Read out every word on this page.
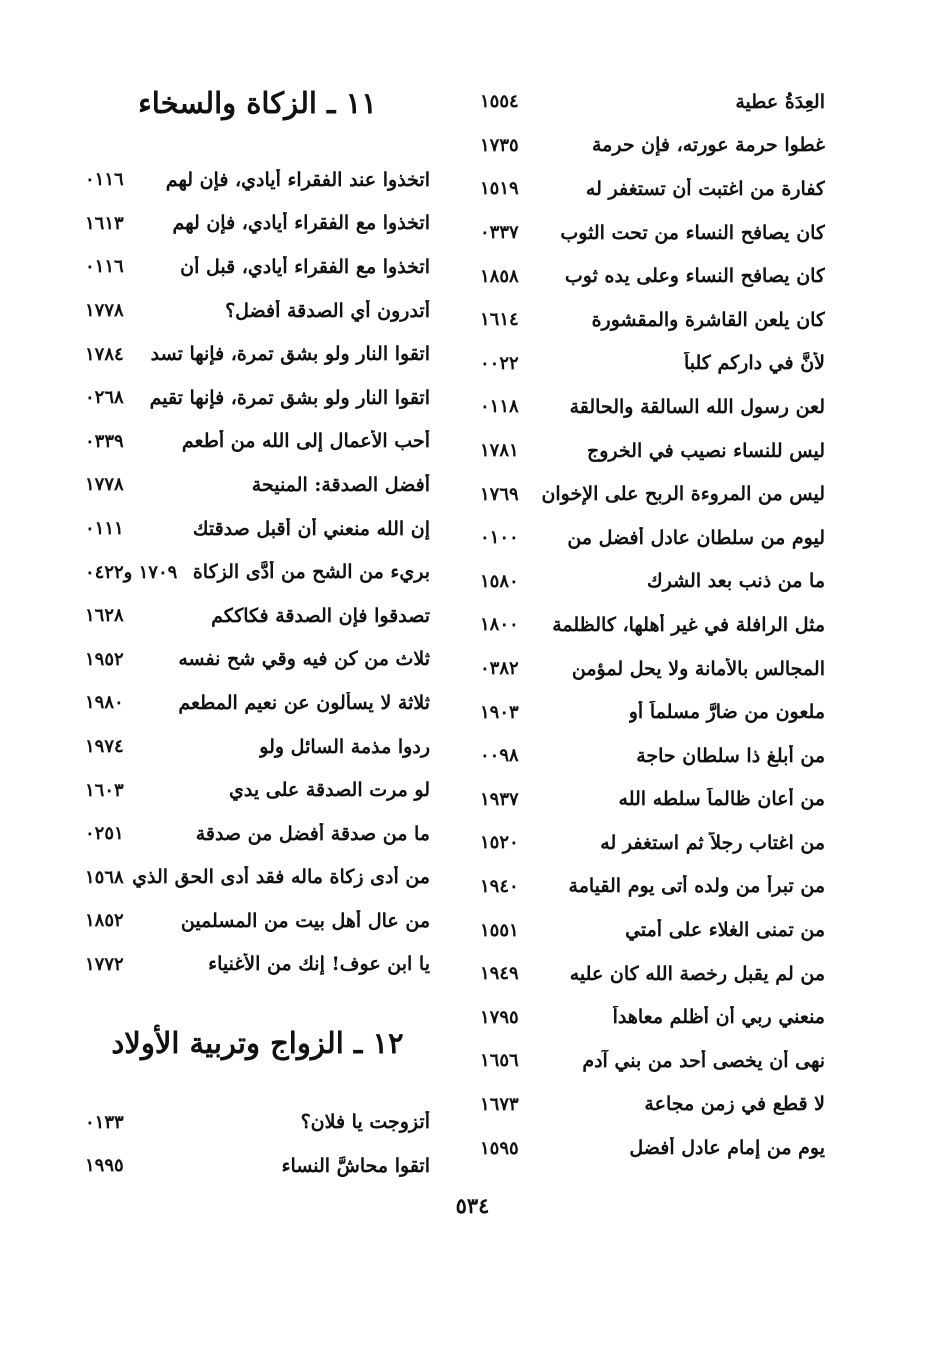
العِدَةُ عطية
١٥٥٤
غطوا حرمة عورته، فإن حرمة
١٧٣٥
كفارة من اغتبت أن تستغفر له
١٥١٩
كان يصافح النساء من تحت الثوب
٠٣٣٧
كان يصافح النساء وعلى يده ثوب
١٨٥٨
كان يلعن القاشرة والمقشورة
١٦١٤
لأنَّ في داركم كلباً
٠٠٢٢
لعن رسول الله السالقة والحالقة
٠١١٨
ليس للنساء نصيب في الخروج
١٧٨١
ليس من المروءة الربح على الإخوان
١٧٦٩
ليوم من سلطان عادل أفضل من
٠١٠٠
ما من ذنب بعد الشرك
١٥٨٠
مثل الرافلة في غير أهلها، كالظلمة
١٨٠٠
المجالس بالأمانة ولا يحل لمؤمن
٠٣٨٢
ملعون من ضارَّ مسلماً أو
١٩٠٣
من أبلغ ذا سلطان حاجة
٠٠٩٨
من أعان ظالماً سلطه الله
١٩٣٧
من اغتاب رجلاً ثم استغفر له
١٥٢٠
من تبرأ من ولده أتى يوم القيامة
١٩٤٠
من تمنى الغلاء على أمتي
١٥٥١
من لم يقبل رخصة الله كان عليه
١٩٤٩
منعني ربي أن أظلم معاهداً
١٧٩٥
نهى أن يخصى أحد من بني آدم
١٦٥٦
لا قطع في زمن مجاعة
١٦٧٣
يوم من إمام عادل أفضل
١٥٩٥
١١ ـ الزكاة والسخاء
اتخذوا عند الفقراء أيادي، فإن لهم
٠١١٦
اتخذوا مع الفقراء أيادي، فإن لهم
١٦١٣
اتخذوا مع الفقراء أيادي، قبل أن
٠١١٦
أتدرون أي الصدقة أفضل؟
١٧٧٨
اتقوا النار ولو بشق تمرة، فإنها تسد
١٧٨٤
اتقوا النار ولو بشق تمرة، فإنها تقيم
٠٢٦٨
أحب الأعمال إلى الله من أطعم
٠٣٣٩
أفضل الصدقة: المنيحة
١٧٧٨
إن الله منعني أن أقبل صدقتك
٠١١١
بريء من الشح من أدَّى الزكاة
١٧٠٩ و٠٤٢٢
تصدقوا فإن الصدقة فكاككم
١٦٢٨
ثلاث من كن فيه وقي شح نفسه
١٩٥٢
ثلاثة لا يسألون عن نعيم المطعم
١٩٨٠
ردوا مذمة السائل ولو
١٩٧٤
لو مرت الصدقة على يدي
١٦٠٣
ما من صدقة أفضل من صدقة
٠٢٥١
من أدى زكاة ماله فقد أدى الحق الذي
١٥٦٨
من عال أهل بيت من المسلمين
١٨٥٢
يا ابن عوف! إنك من الأغنياء
١٧٧٢
١٢ ـ الزواج وتربية الأولاد
أتزوجت يا فلان؟
٠١٣٣
اتقوا محاشَّ النساء
١٩٩٥
٥٣٤
